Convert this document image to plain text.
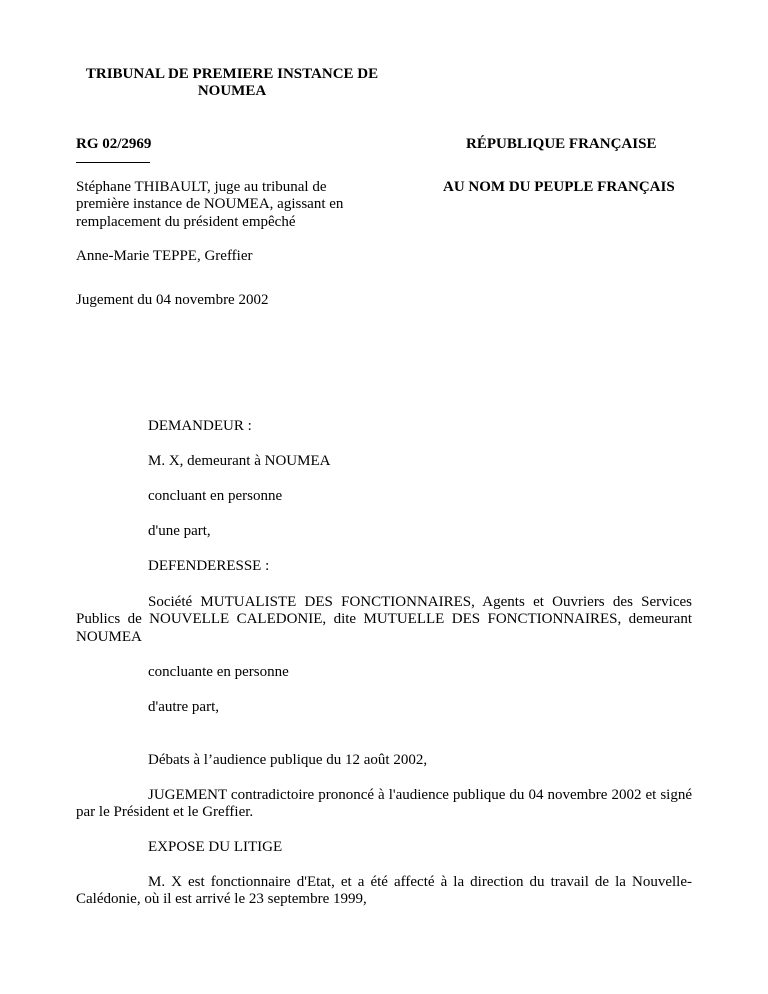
TRIBUNAL DE PREMIERE INSTANCE DE
NOUMEA
RG 02/2969	RÉPUBLIQUE FRANÇAISE
AU NOM DU PEUPLE FRANÇAIS
Stéphane THIBAULT, juge au tribunal de première instance de NOUMEA, agissant en remplacement du président empêché
Anne-Marie TEPPE, Greffier
Jugement du 04 novembre 2002
DEMANDEUR :
M. X, demeurant à NOUMEA
concluant en personne
d'une part,
DEFENDERESSE :
Société MUTUALISTE DES FONCTIONNAIRES, Agents et Ouvriers des Services Publics de NOUVELLE CALEDONIE, dite MUTUELLE DES FONCTIONNAIRES, demeurant NOUMEA
concluante en personne
d'autre part,
Débats à l’audience publique du 12 août 2002,
JUGEMENT contradictoire prononcé à l'audience publique du 04 novembre 2002 et signé par le Président et le Greffier.
EXPOSE DU LITIGE
M. X est fonctionnaire d'Etat, et a été affecté à la direction du travail de la Nouvelle-Calédonie, où il est arrivé le 23 septembre 1999,
